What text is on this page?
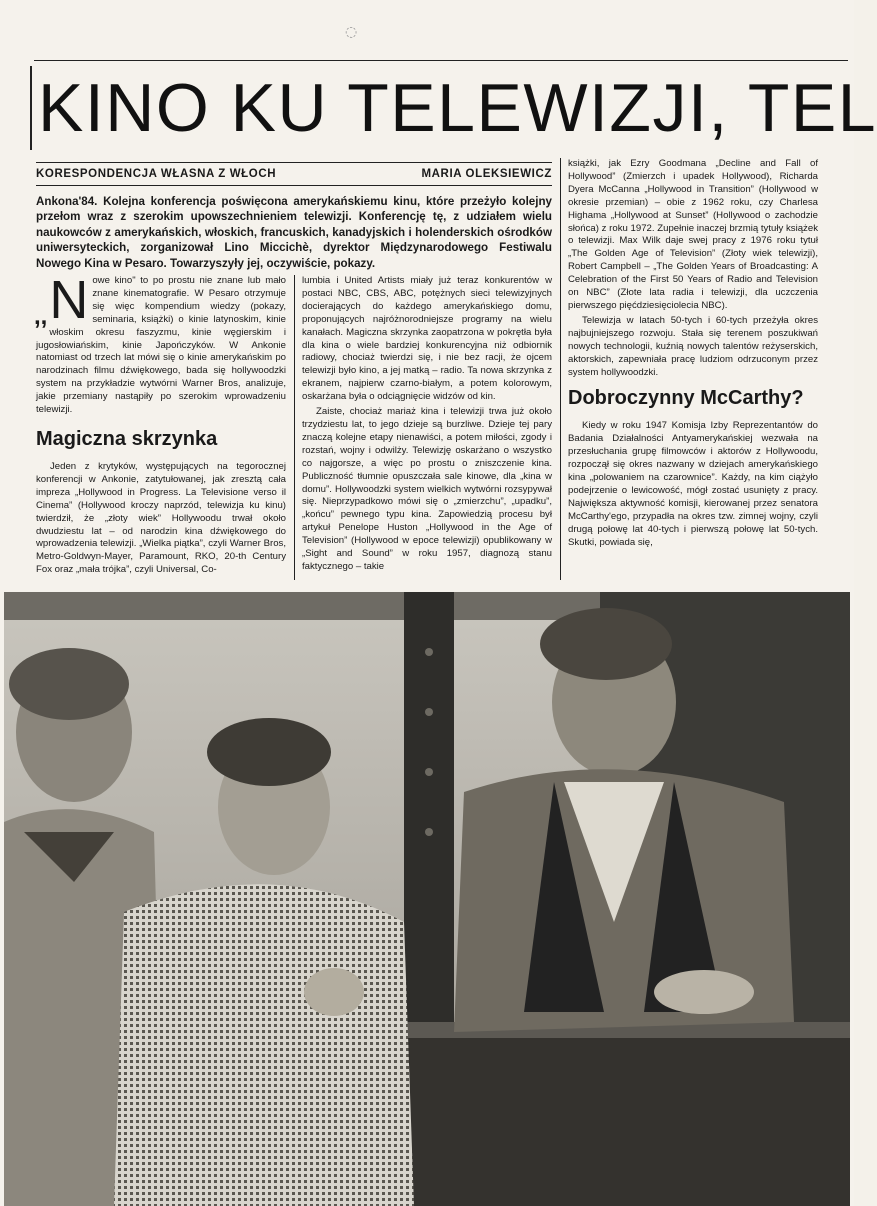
◌
KINO KU TELEWIZJI, TEL
KORESPONDENCJA WŁASNA Z WŁOCH	MARIA OLEKSIEWICZ
Ankona'84. Kolejna konferencja poświęcona amerykańskiemu kinu, które przeżyło kolejny przełom wraz z szerokim upowszechnieniem telewizji. Konferencję tę, z udziałem wielu naukowców z amerykańskich, włoskich, francuskich, kanadyjskich i holenderskich ośrodków uniwersyteckich, zorganizował Lino Miccichè, dyrektor Międzynarodowego Festiwalu Nowego Kina w Pesaro. Towarzyszyły jej, oczywiście, pokazy.
,, N owe kino" to po prostu nie znane lub mało znane kinematografie. W Pesaro otrzymuje się więc kompendium wiedzy (pokazy, seminaria, książki) o kinie latynoskim, kinie włoskim okresu faszyzmu, kinie węgierskim i jugosłowiańskim, kinie Japończyków. W Ankonie natomiast od trzech lat mówi się o kinie amerykańskim po narodzinach filmu dźwiękowego, bada się hollywoodzki system na przykładzie wytwórni Warner Bros, analizuje, jakie przemiany nastąpiły po szerokim wprowadzeniu telewizji.

Magiczna skrzynka

Jeden z krytyków, występujących na tegorocznej konferencji w Ankonie, zatytułowanej, jak zresztą cała impreza „Hollywood in Progress. La Televisione verso il Cinema” (Hollywood kroczy naprzód, telewizja ku kinu) twierdził, że „złoty wiek” Hollywoodu trwał około dwudziestu lat – od narodzin kina dźwiękowego do wprowadzenia telewizji. „Wielka piątka”, czyli Warner Bros, Metro-Goldwyn-Mayer, Paramount, RKO, 20-th Century Fox oraz „mała trójka”, czyli Universal, Co-

lumbia i United Artists miały już teraz konkurentów w postaci NBC, CBS, ABC, potężnych sieci telewizyjnych docierających do każdego amerykańskiego domu, proponujących najróżnorodniejsze programy na wielu kanałach. Magiczna skrzynka zaopatrzona w pokrętła była dla kina o wiele bardziej konkurencyjna niż odbiornik radiowy, chociaż twierdzi się, i nie bez racji, że ojcem telewizji było kino, a jej matką – radio. Ta nowa skrzynka z ekranem, najpierw czarno-białym, a potem kolorowym, oskarżana była o odciągnięcie widzów od kin.

Zaiste, chociaż mariaż kina i telewizji trwa już około trzydziestu lat, to jego dzieje są burzliwe. Dzieje tej pary znaczą kolejne etapy nienawiści, a potem miłości, zgody i rozstań, wojny i odwilży. Telewizję oskarżano o wszystko co najgorsze, a więc po prostu o zniszczenie kina. Publiczność tłumnie opuszczała sale kinowe, dla „kina w domu”. Hollywoodzki system wielkich wytwórni rozsypywał się. Nieprzypadkowo mówi się o „zmierzchu”, „upadku”, „końcu” pewnego typu kina. Zapowiedzią procesu był artykuł Penelope Huston „Hollywood in the Age of Television” (Hollywood w epoce telewizji) opublikowany w „Sight and Sound” w roku 1957, diagnozą stanu faktycznego – takie

książki, jak Ezry Goodmana „Decline and Fall of Hollywood” (Zmierzch i upadek Hollywood), Richarda Dyera McCanna „Hollywood in Transition” (Hollywood w okresie przemian) – obie z 1962 roku, czy Charlesa Highama „Hollywood at Sunset” (Hollywood o zachodzie słońca) z roku 1972. Zupełnie inaczej brzmią tytuły książek o telewizji. Max Wilk daje swej pracy z 1976 roku tytuł „The Golden Age of Television” (Złoty wiek telewizji), Robert Campbell – „The Golden Years of Broadcasting: A Celebration of the First 50 Years of Radio and Television on NBC” (Złote lata radia i telewizji, dla uczczenia pierwszego pięćdziesięciolecia NBC).

Telewizja w latach 50-tych i 60-tych przeżyła okres najbujniejszego rozwoju. Stała się terenem poszukiwań nowych technologii, kuźnią nowych talentów reżyserskich, aktorskich, zapewniała pracę ludziom odrzuconym przez system hollywoodzki.

Dobroczynny McCarthy?

Kiedy w roku 1947 Komisja Izby Reprezentantów do Badania Działalności Antyamerykańskiej wezwała na przesłuchania grupę filmowców i aktorów z Hollywoodu, rozpoczął się okres nazwany w dziejach amerykańskiego kina „polowaniem na czarownice”. Każdy, na kim ciążyło podejrzenie o lewicowość, mógł zostać usunięty z pracy. Największa aktywność komisji, kierowanej przez senatora McCarthy'ego, przypadła na okres tzw. zimnej wojny, czyli drugą połowę lat 40-tych i pierwszą połowę lat 50-tych. Skutki, powiada się,
